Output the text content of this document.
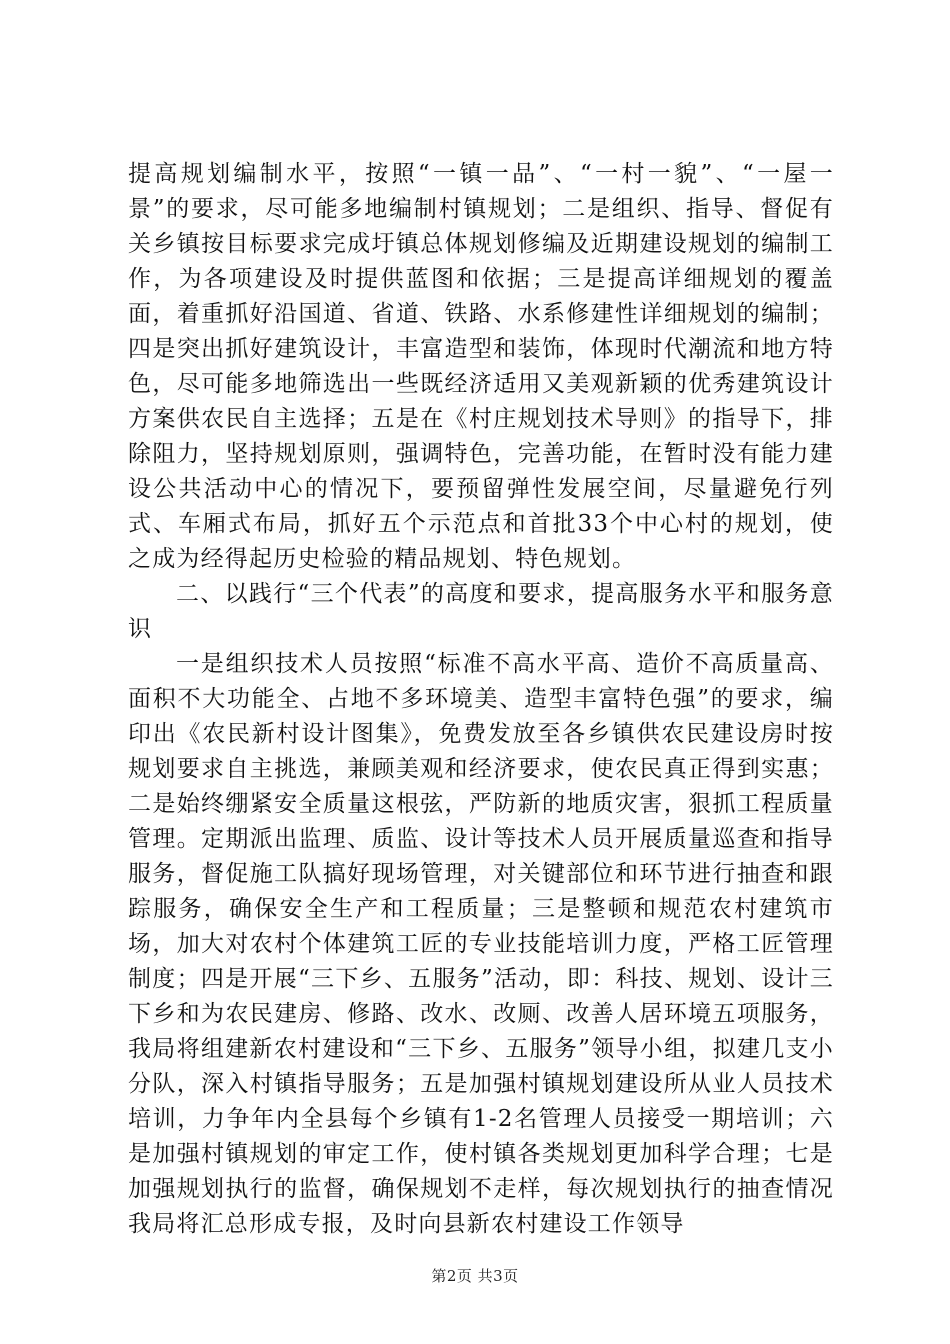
提高规划编制水平，按照“一镇一品”、“一村一貌”、“一屋一景”的要求，尽可能多地编制村镇规划；二是组织、指导、督促有关乡镇按目标要求完成圩镇总体规划修编及近期建设规划的编制工作，为各项建设及时提供蓝图和依据；三是提高详细规划的覆盖面，着重抓好沿国道、省道、铁路、水系修建性详细规划的编制；四是突出抓好建筑设计，丰富造型和装饰，体现时代潮流和地方特色，尽可能多地筛选出一些既经济适用又美观新颖的优秀建筑设计方案供农民自主选择；五是在《村庄规划技术导则》的指导下，排除阻力，坚持规划原则，强调特色，完善功能，在暂时没有能力建设公共活动中心的情况下，要预留弹性发展空间，尽量避免行列式、车厢式布局，抓好五个示范点和首批33个中心村的规划，使之成为经得起历史检验的精品规划、特色规划。

二、以践行“三个代表”的高度和要求，提高服务水平和服务意识

一是组织技术人员按照“标准不高水平高、造价不高质量高、面积不大功能全、占地不多环境美、造型丰富特色强”的要求，编印出《农民新村设计图集》，免费发放至各乡镇供农民建设房时按规划要求自主挑选，兼顾美观和经济要求，使农民真正得到实惠；二是始终绷紧安全质量这根弦，严防新的地质灾害，狠抓工程质量管理。定期派出监理、质监、设计等技术人员开展质量巡查和指导服务，督促施工队搞好现场管理，对关键部位和环节进行抽查和跟踪服务，确保安全生产和工程质量；三是整顿和规范农村建筑市场，加大对农村个体建筑工匠的专业技能培训力度，严格工匠管理制度；四是开展“三下乡、五服务”活动，即：科技、规划、设计三下乡和为农民建房、修路、改水、改厕、改善人居环境五项服务，我局将组建新农村建设和“三下乡、五服务”领导小组，拟建几支小分队，深入村镇指导服务；五是加强村镇规划建设所从业人员技术培训，力争年内全县每个乡镇有1-2名管理人员接受一期培训；六是加强村镇规划的审定工作，使村镇各类规划更加科学合理；七是加强规划执行的监督，确保规划不走样，每次规划执行的抽查情况我局将汇总形成专报，及时向县新农村建设工作领导

第2页 共3页
